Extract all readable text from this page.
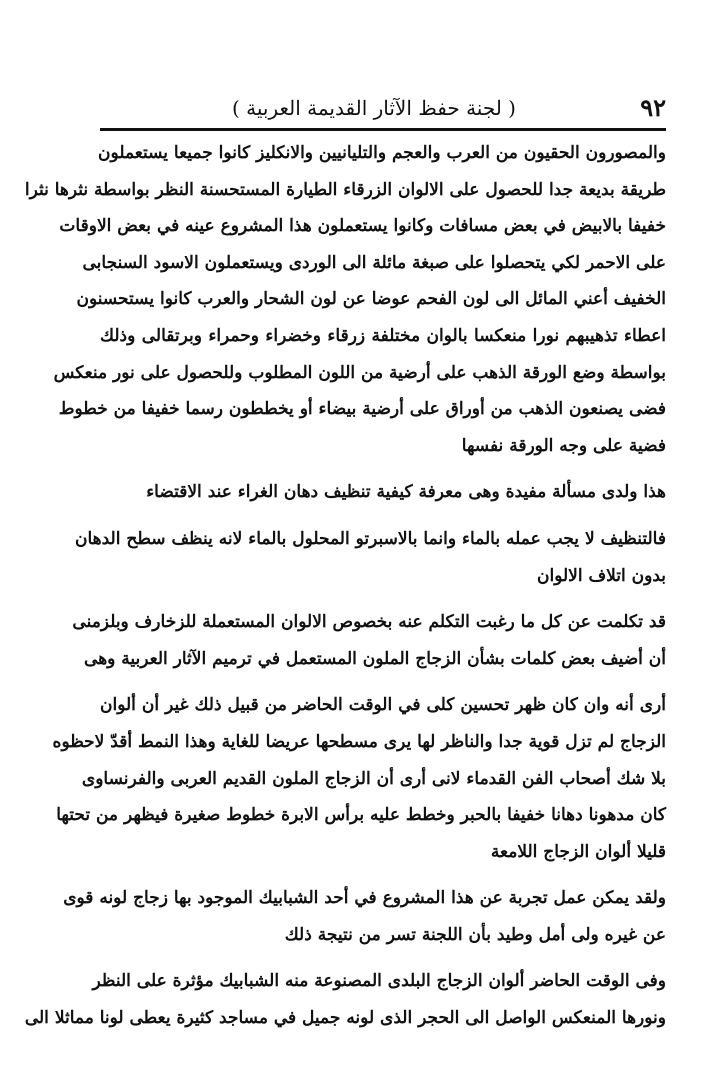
٩٢
( لجنة حفظ الآثار القديمة العربية )
والمصورون الحقيون من العرب والعجم والتليانيين والانكليز كانوا جميعا يستعملون
طريقة بديعة جدا للحصول على الالوان الزرقاء الطيارة المستحسنة النظر بواسطة نثرها نثرا
خفيفا بالابيض في بعض مسافات وكانوا يستعملون هذا المشروع عينه في بعض الاوقات
على الاحمر لكي يتحصلوا على صبغة مائلة الى الوردى ويستعملون الاسود السنجابى
الخفيف أعني المائل الى لون الفحم عوضا عن لون الشحار والعرب كانوا يستحسنون
اعطاء تذهيبهم نورا منعكسا بالوان مختلفة زرقاء وخضراء وحمراء وبرتقالى وذلك
بواسطة وضع الورقة الذهب على أرضية من اللون المطلوب وللحصول على نور منعكس
فضى يصنعون الذهب من أوراق على أرضية بيضاء أو يخططون رسما خفيفا من خطوط
فضية على وجه الورقة نفسها
هذا ولدى مسألة مفيدة وهى معرفة كيفية تنظيف دهان الغراء عند الاقتضاء
فالتنظيف لا يجب عمله بالماء وانما بالاسبرتو المحلول بالماء لانه ينظف سطح الدهان
بدون اتلاف الالوان
قد تكلمت عن كل ما رغبت التكلم عنه بخصوص الالوان المستعملة للزخارف وبلزمنى
أن أضيف بعض كلمات بشأن الزجاج الملون المستعمل في ترميم الآثار العربية وهى
أرى أنه وان كان ظهر تحسين كلى في الوقت الحاضر من قبيل ذلك غير أن ألوان
الزجاج لم تزل قوية جدا والناظر لها يرى مسطحها عريضا للغاية وهذا النمط أقدّ لاحظوه
بلا شك أصحاب الفن القدماء لانى أرى أن الزجاج الملون القديم العربى والفرنساوى
كان مدهونا دهانا خفيفا بالحبر وخطط عليه برأس الابرة خطوط صغيرة فيظهر من تحتها
قليلا ألوان الزجاج اللامعة
ولقد يمكن عمل تجربة عن هذا المشروع في أحد الشبابيك الموجود بها زجاج لونه قوى
عن غيره ولى أمل وطيد بأن اللجنة تسر من نتيجة ذلك
وفى الوقت الحاضر ألوان الزجاج البلدى المصنوعة منه الشبابيك مؤثرة على النظر
ونورها المنعكس الواصل الى الحجر الذى لونه جميل في مساجد كثيرة يعطى لونا مماثلا الى
